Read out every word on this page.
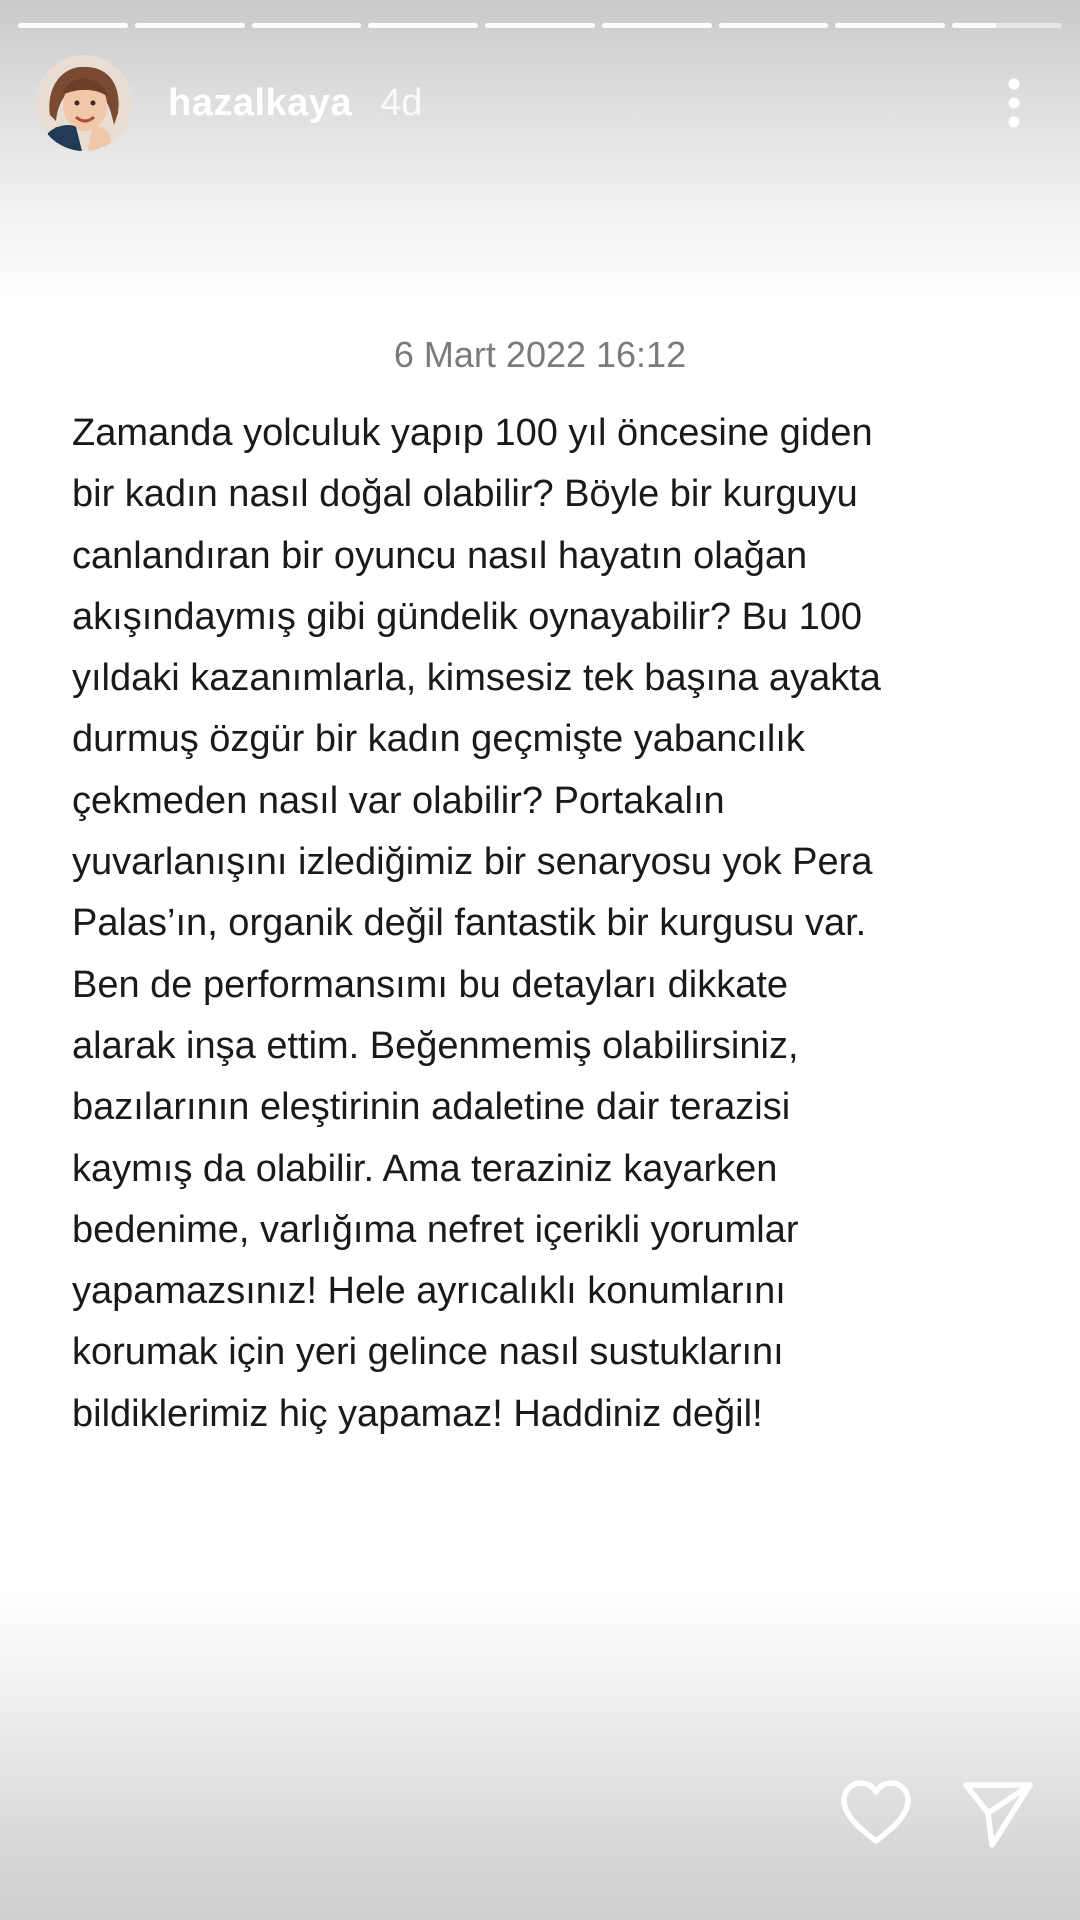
hazalkaya 4d
6 Mart 2022 16:12
Zamanda yolculuk yapıp 100 yıl öncesine giden
bir kadın nasıl doğal olabilir? Böyle bir kurguyu
canlandıran bir oyuncu nasıl hayatın olağan
akışındaymış gibi gündelik oynayabilir? Bu 100
yıldaki kazanımlarla, kimsesiz tek başına ayakta
durmuş özgür bir kadın geçmişte yabancılık
çekmeden nasıl var olabilir? Portakalın
yuvarlanışını izlediğimiz bir senaryosu yok Pera
Palas’ın, organik değil fantastik bir kurgusu var.
Ben de performansımı bu detayları dikkate
alarak inşa ettim. Beğenmemiş olabilirsiniz,
bazılarının eleştirinin adaletine dair terazisi
kaymış da olabilir. Ama teraziniz kayarken
bedenime, varlığıma nefret içerikli yorumlar
yapamazsınız! Hele ayrıcalıklı konumlarını
korumak için yeri gelince nasıl sustuklarını
bildiklerimiz hiç yapamaz! Haddiniz değil!
